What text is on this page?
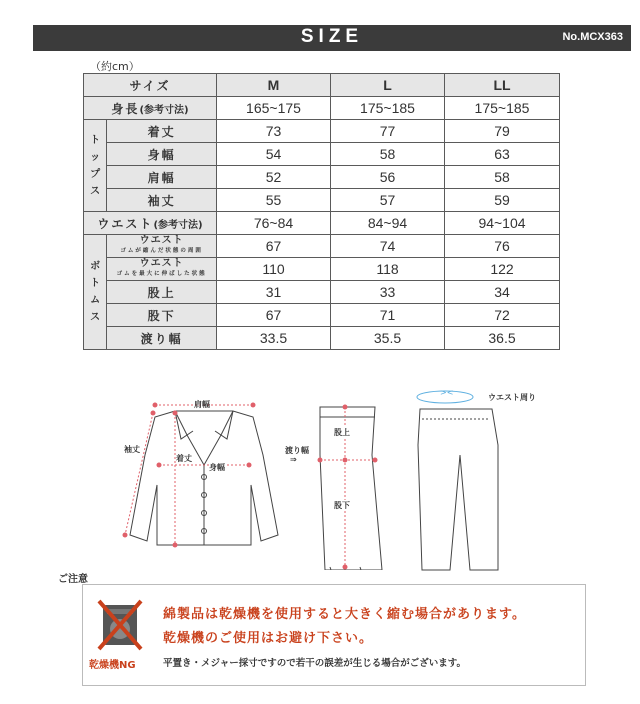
SIZE	No.MCX363
（約cm）
サイズ		M	L	LL
身長(参考寸法)		165~175	175~185	175~185
ト
ッ
プ
ス	着丈	73	77	79
	身幅	54	58	63
	肩幅	52	56	58
	袖丈	55	57	59
ウエスト(参考寸法)		76~84	84~94	94~104
ボ
ト
ム
ス	ウエスト
ゴムが縮んだ状態の周囲	67	74	76

	ウエスト
ゴムを最大に伸ばした状態	110	118	122
	股上	31	33	34
	股下	67	71	72
	渡り幅	33.5	35.5	36.5
肩幅
袖丈
着丈
身幅
股上
渡り幅
⇒
股下
><
ウエスト周り
ご注意
乾燥機NG
綿製品は乾燥機を使用すると大きく縮む場合があります。
乾燥機のご使用はお避け下さい。
平置き・メジャー採寸ですので若干の誤差が生じる場合がございます。
